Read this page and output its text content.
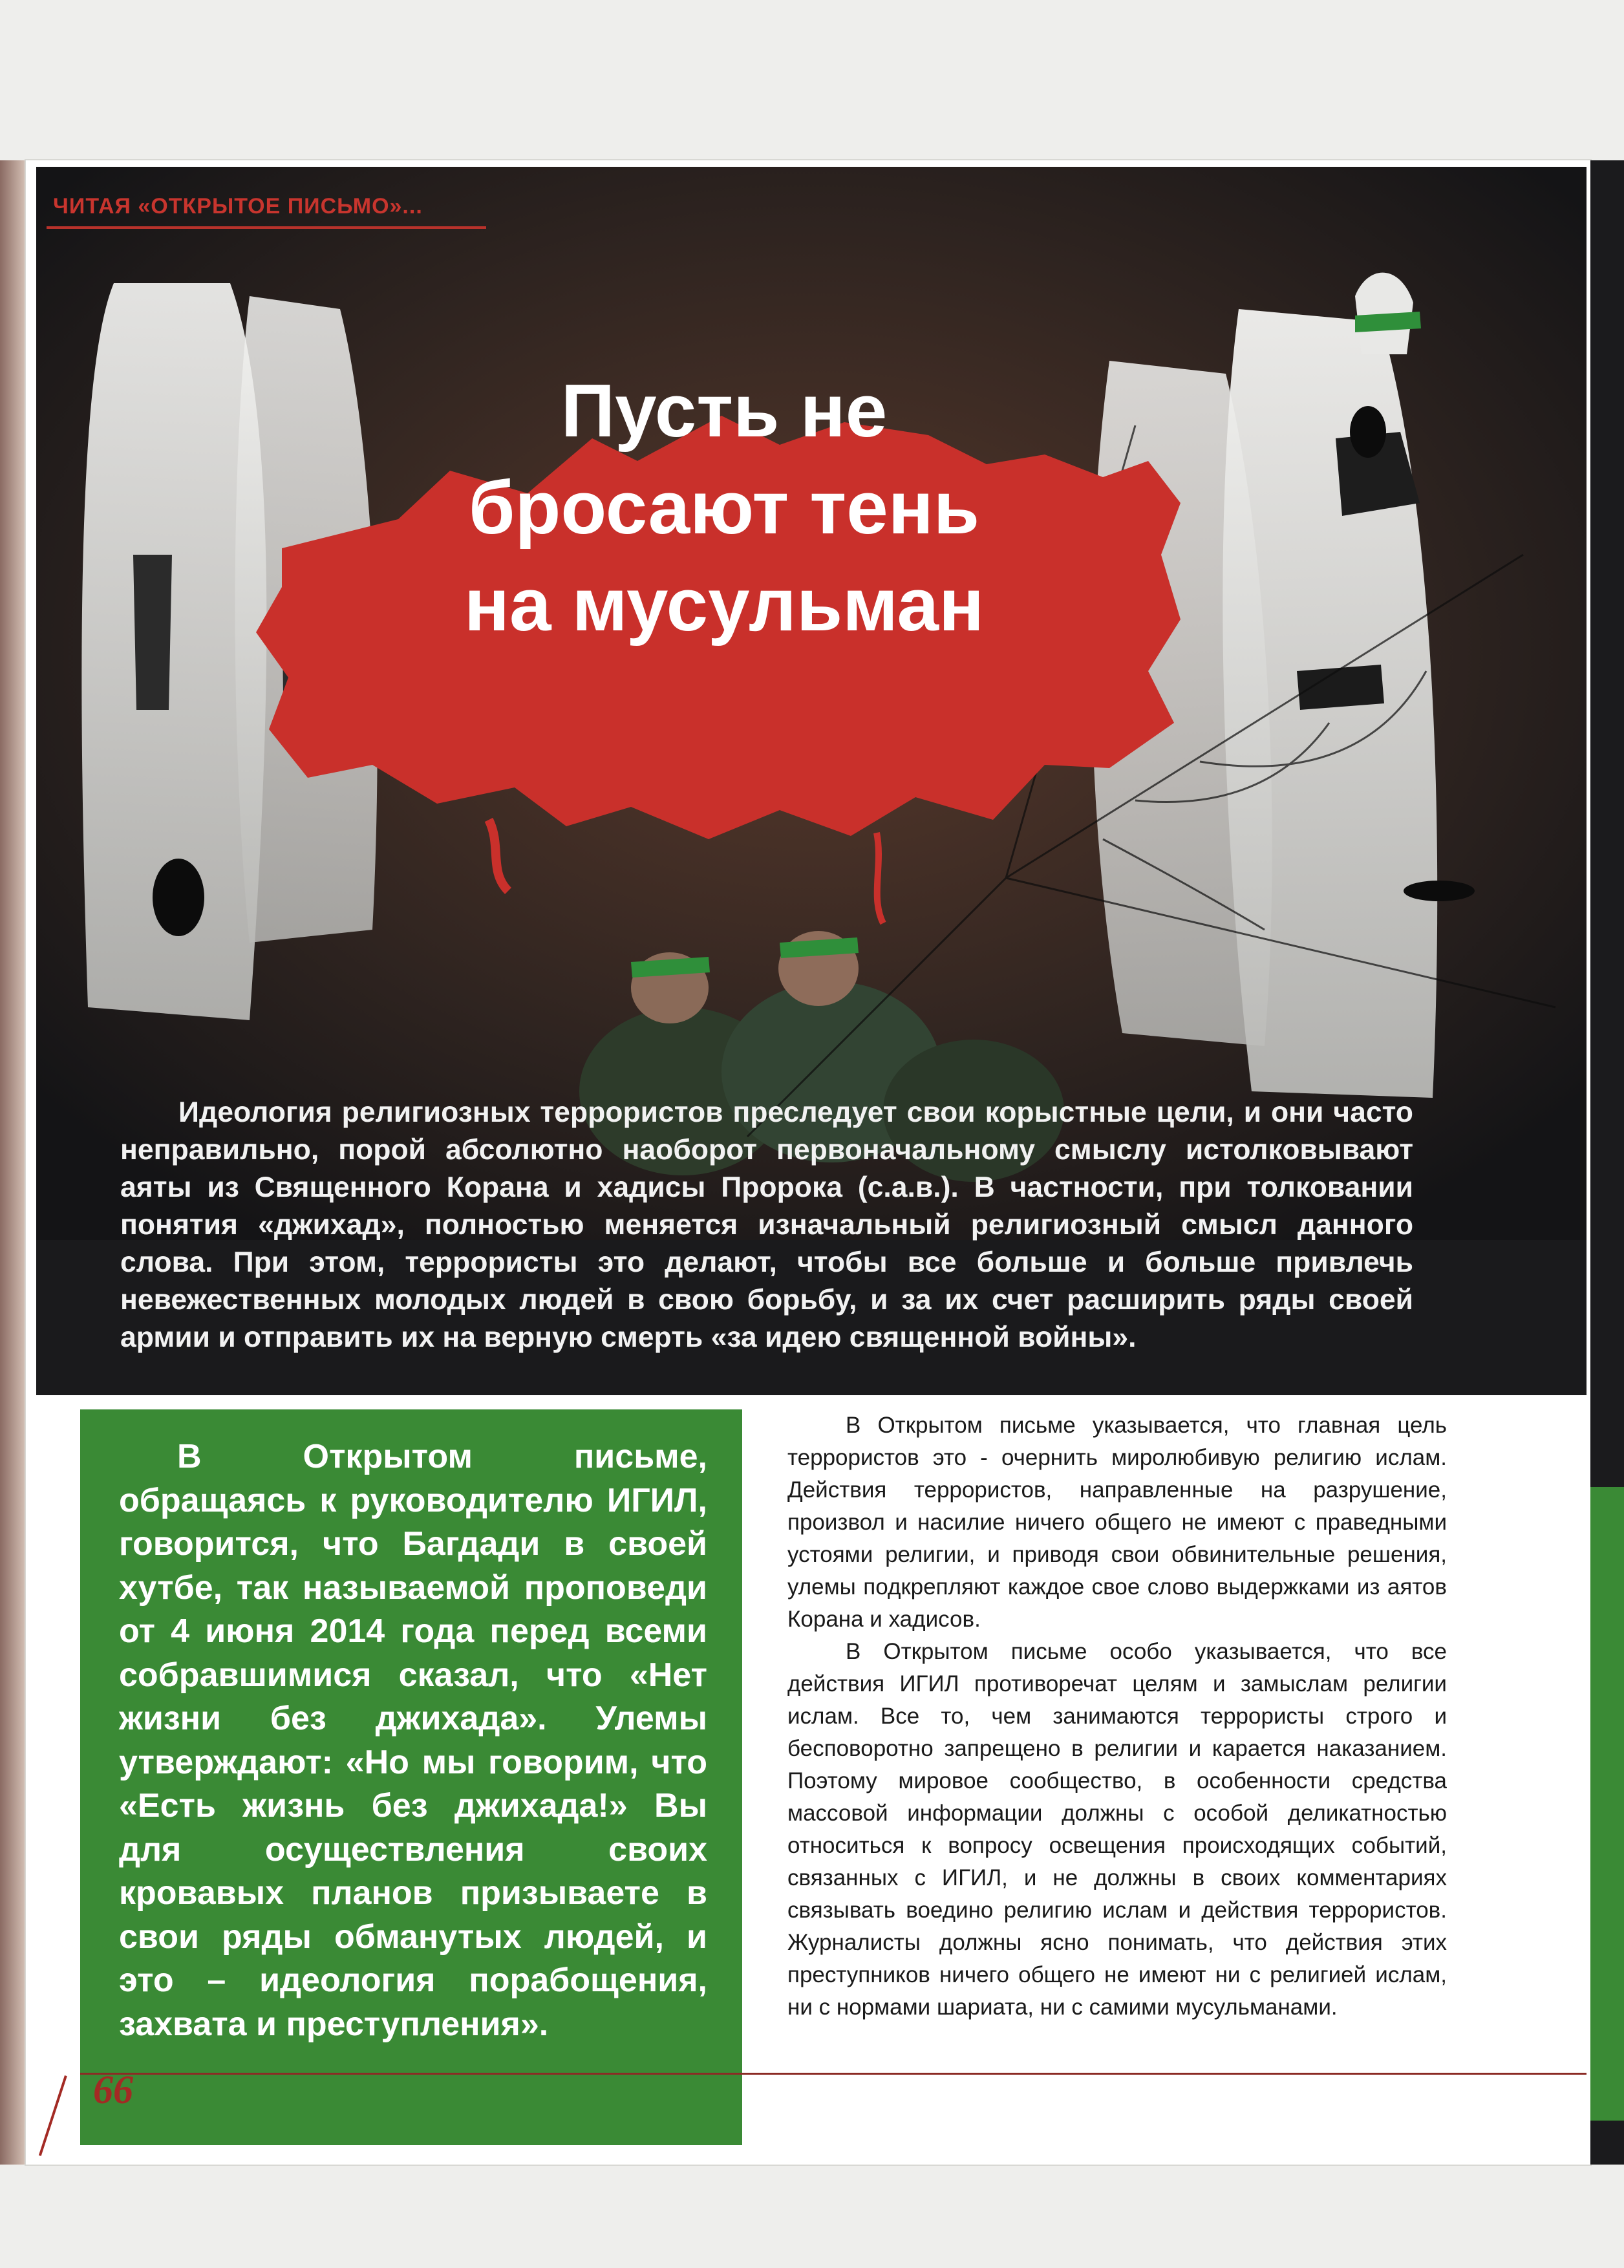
ЧИТАЯ «ОТКРЫТОЕ ПИСЬМО»...

Пусть не
бросают тень
на мусульман

Идеология религиозных террористов преследует свои корыстные цели, и они часто неправильно, порой абсолютно наоборот первоначальному смыслу истолковывают аяты из Священного Корана и хадисы Пророка (с.а.в.). В частности, при толковании понятия «джихад», полностью меняется изначальный религиозный смысл данного слова. При этом, террористы это делают, чтобы все больше и больше привлечь невежественных молодых людей в свою борьбу, и за их счет расширить ряды своей армии и отправить их на верную смерть «за идею священной войны».

В Открытом письме, обращаясь к руководителю ИГИЛ, говорится, что Багдади в своей хутбе, так называемой проповеди от 4 июня 2014 года перед всеми собравшимися сказал, что «Нет жизни без джихада». Улемы утверждают: «Но мы говорим, что «Есть жизнь без джихада!» Вы для осуществления своих кровавых планов призываете в свои ряды обманутых людей, и это – идеология порабощения, захвата и преступления».

В Открытом письме указывается, что главная цель террористов это - очернить миролюбивую религию ислам. Действия террористов, направленные на разрушение, произвол и насилие ничего общего не имеют с праведными устоями религии, и приводя свои обвинительные решения, улемы подкрепляют каждое свое слово выдержками из аятов Корана и хадисов.

В Открытом письме особо указывается, что все действия ИГИЛ противоречат целям и замыслам религии ислам. Все то, чем занимаются террористы строго и бесповоротно запрещено в религии и карается наказанием. Поэтому мировое сообщество, в особенности средства массовой информации должны с особой деликатностью относиться к вопросу освещения происходящих событий, связанных с ИГИЛ, и не должны в своих комментариях связывать воедино религию ислам и действия террористов. Журналисты должны ясно понимать, что действия этих преступников ничего общего не имеют ни с религией ислам, ни с нормами шариата, ни с самими мусульманами.

66
